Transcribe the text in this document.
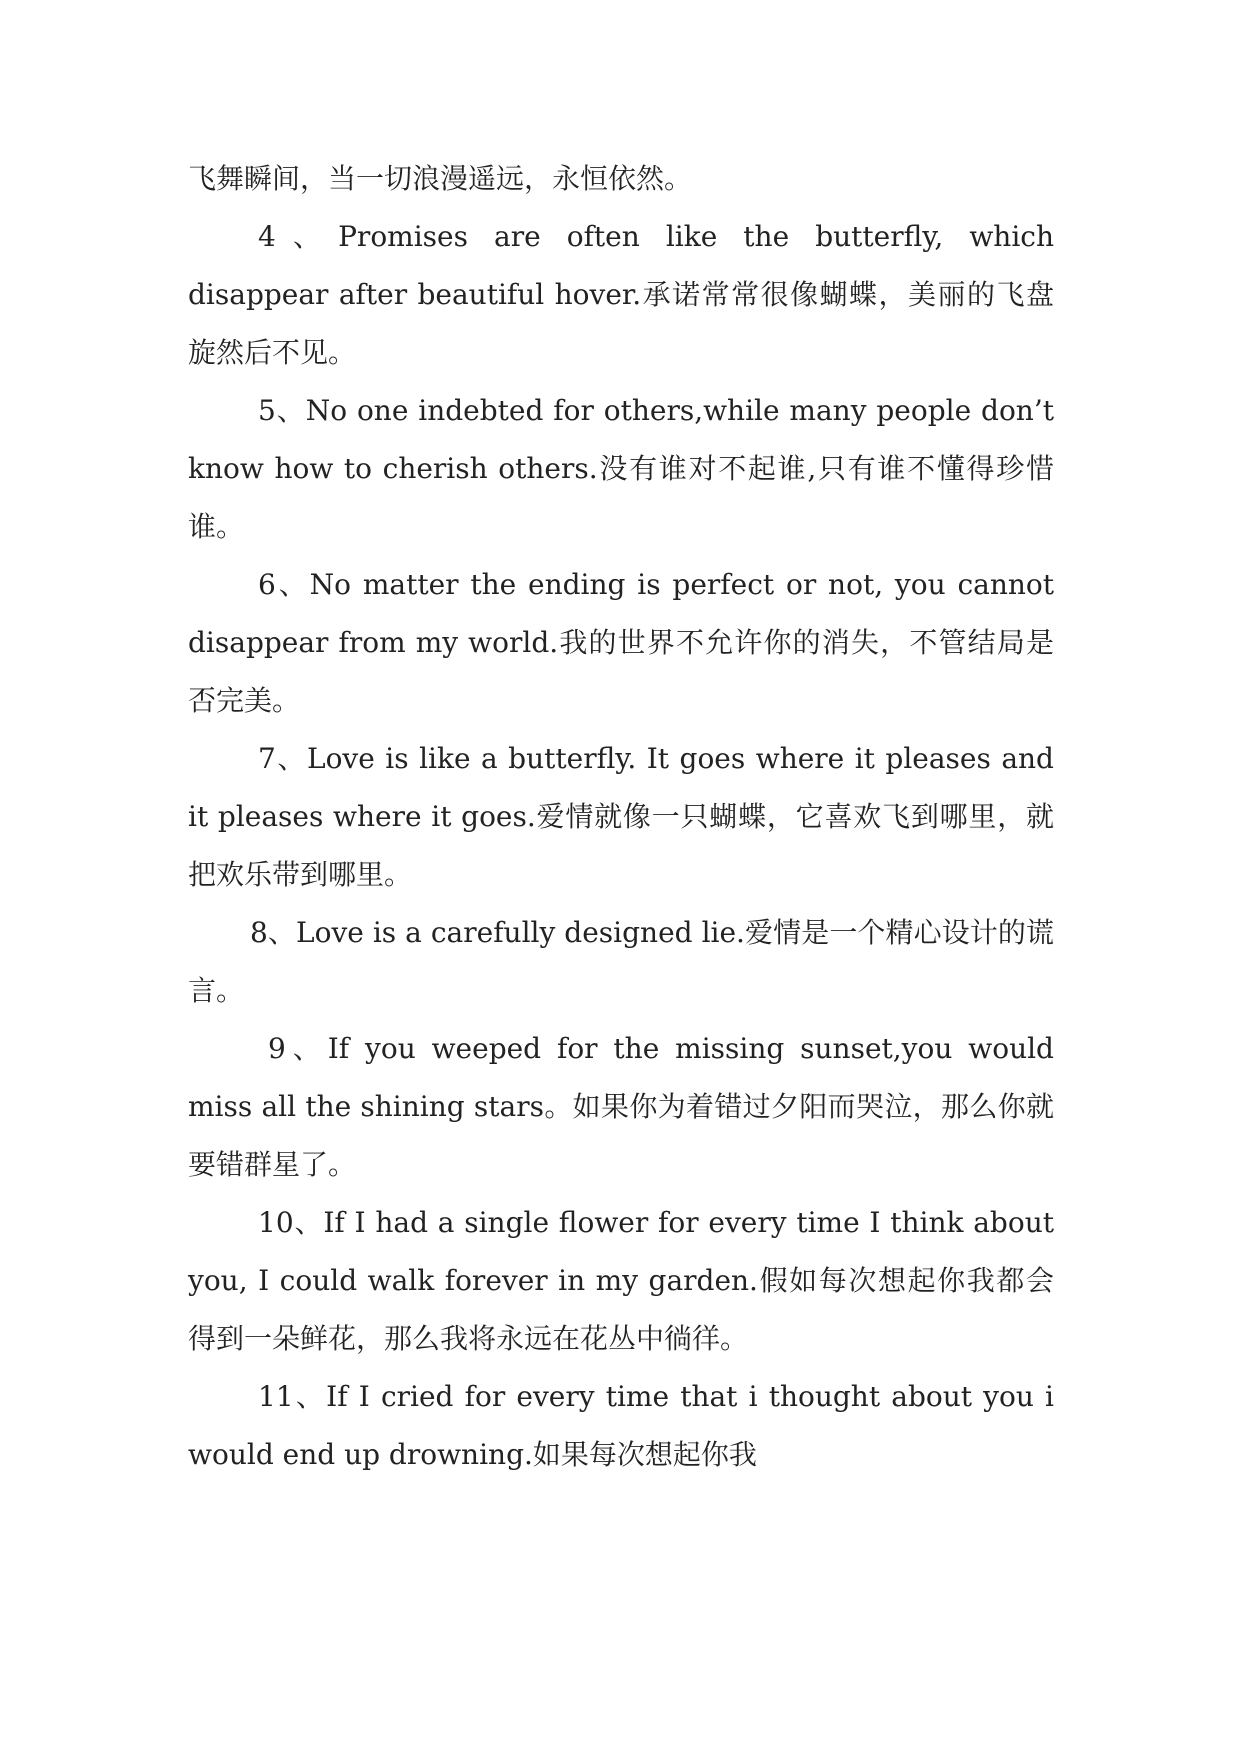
飞舞瞬间，当一切浪漫遥远，永恒依然。

4、Promises are often like the butterfly, which disappear after beautiful hover.承诺常常很像蝴蝶，美丽的飞盘旋然后不见。

5、No one indebted for others,while many people don’t know how to cherish others.没有谁对不起谁,只有谁不懂得珍惜谁。

6、No matter the ending is perfect or not, you cannot disappear from my world.我的世界不允许你的消失，不管结局是否完美。

7、Love is like a butterfly. It goes where it pleases and it pleases where it goes.爱情就像一只蝴蝶，它喜欢飞到哪里，就把欢乐带到哪里。

8、Love is a carefully designed lie.爱情是一个精心设计的谎言。

9、If you weeped for the missing sunset,you would miss all the shining stars。如果你为着错过夕阳而哭泣，那么你就要错群星了。

10、If I had a single flower for every time I think about you, I could walk forever in my garden.假如每次想起你我都会得到一朵鲜花，那么我将永远在花丛中徜徉。

11、If I cried for every time that i thought about you i would end up drowning.如果每次想起你我
